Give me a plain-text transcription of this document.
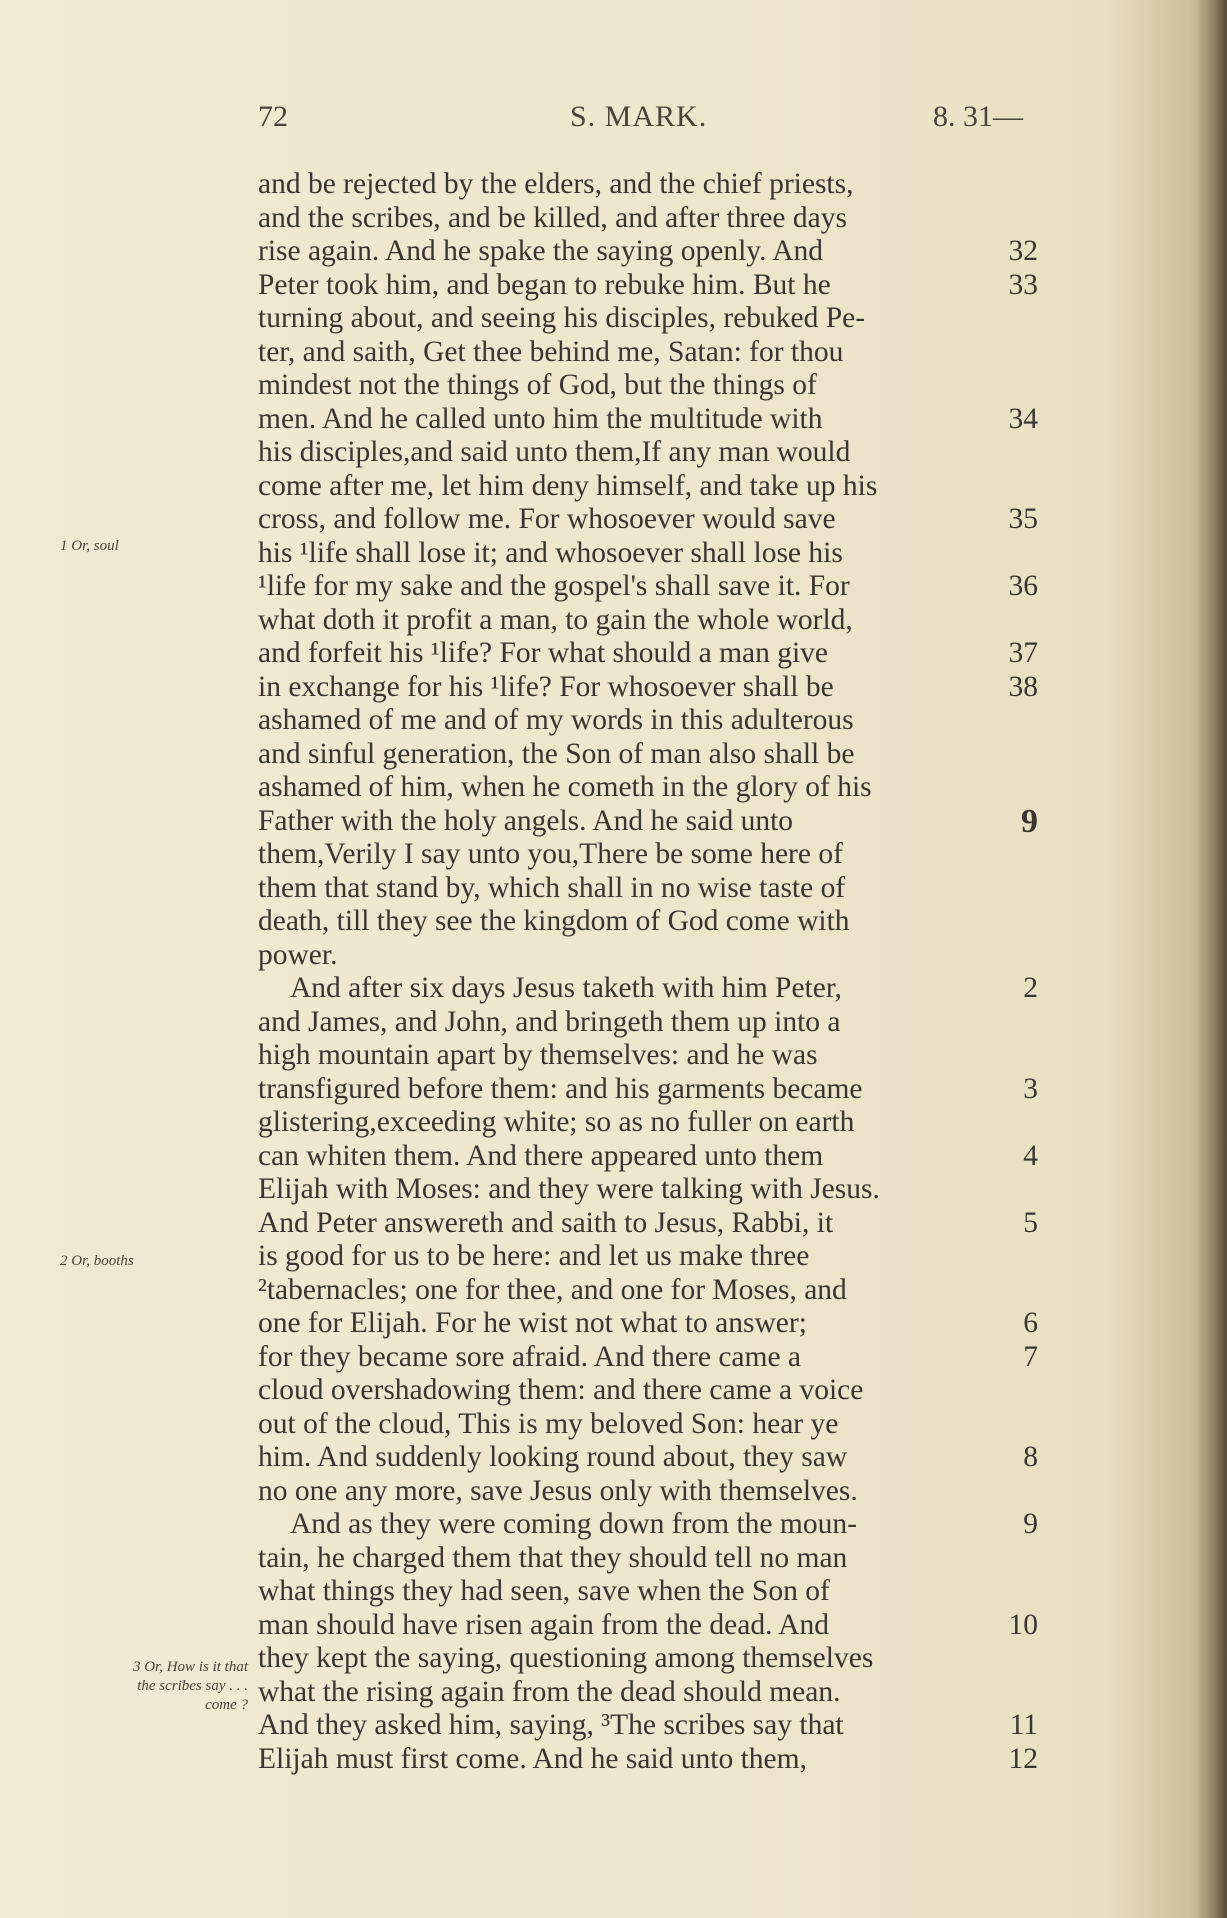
72	S. MARK.	8. 31—
and be rejected by the elders, and the chief priests,
and the scribes, and be killed, and after three days
rise again. And he spake the saying openly. And	32
Peter took him, and began to rebuke him. But he	33
turning about, and seeing his disciples, rebuked Pe-
ter, and saith, Get thee behind me, Satan: for thou
mindest not the things of God, but the things of
men. And he called unto him the multitude with	34
his disciples,and said unto them,If any man would
come after me, let him deny himself, and take up his
cross, and follow me. For whosoever would save	35
his ¹life shall lose it; and whosoever shall lose his
¹life for my sake and the gospel's shall save it. For	36
what doth it profit a man, to gain the whole world,
and forfeit his ¹life? For what should a man give	37
in exchange for his ¹life? For whosoever shall be	38
ashamed of me and of my words in this adulterous
and sinful generation, the Son of man also shall be
ashamed of him, when he cometh in the glory of his
Father with the holy angels. And he said unto	9
them,Verily I say unto you,There be some here of
them that stand by, which shall in no wise taste of
death, till they see the kingdom of God come with
power.
And after six days Jesus taketh with him Peter,	2
and James, and John, and bringeth them up into a
high mountain apart by themselves: and he was
transfigured before them: and his garments became	3
glistering,exceeding white; so as no fuller on earth
can whiten them. And there appeared unto them	4
Elijah with Moses: and they were talking with Jesus.
And Peter answereth and saith to Jesus, Rabbi, it	5
is good for us to be here: and let us make three
²tabernacles; one for thee, and one for Moses, and
one for Elijah. For he wist not what to answer;	6
for they became sore afraid. And there came a	7
cloud overshadowing them: and there came a voice
out of the cloud, This is my beloved Son: hear ye
him. And suddenly looking round about, they saw	8
no one any more, save Jesus only with themselves.
And as they were coming down from the moun-	9
tain, he charged them that they should tell no man
what things they had seen, save when the Son of
man should have risen again from the dead. And	10
they kept the saying, questioning among themselves
what the rising again from the dead should mean.
And they asked him, saying, ³The scribes say that	11
Elijah must first come. And he said unto them,	12
1 Or, soul
2 Or, booths
3 Or, How is it that
the scribes say . . .
come ?
